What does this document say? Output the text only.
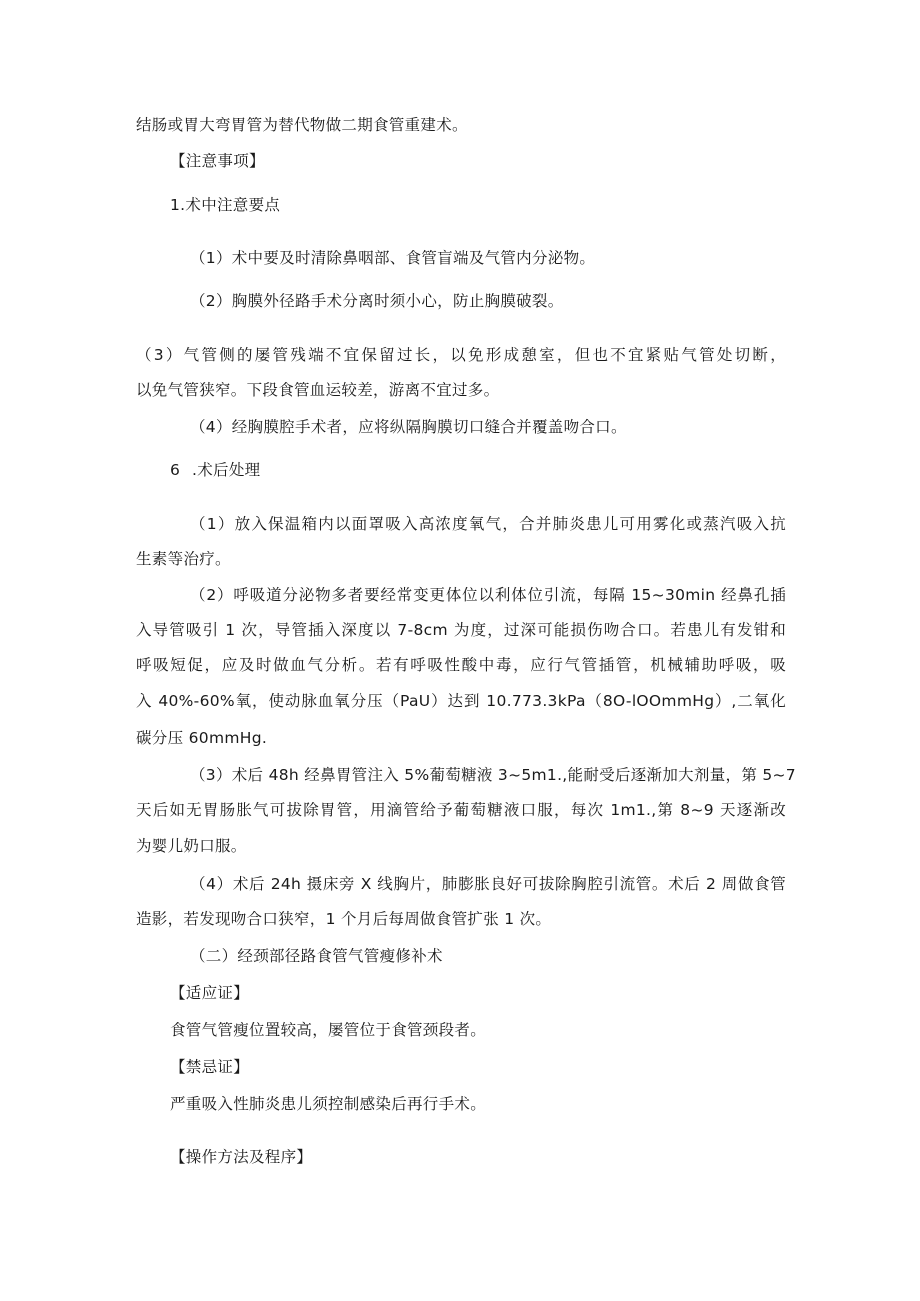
结肠或胃大弯胃管为替代物做二期食管重建术。
【注意事项】
1.术中注意要点
（1）术中要及时清除鼻咽部、食管盲端及气管内分泌物。
（2）胸膜外径路手术分离时须小心，防止胸膜破裂。
（3）气管侧的屡管残端不宜保留过长，以免形成憩室，但也不宜紧贴气管处切断，
以免气管狭窄。下段食管血运较差，游离不宜过多。
（4）经胸膜腔手术者，应将纵隔胸膜切口缝合并覆盖吻合口。
6 .术后处理
（1）放入保温箱内以面罩吸入高浓度氧气，合并肺炎患儿可用雾化或蒸汽吸入抗
生素等治疗。
（2）呼吸道分泌物多者要经常变更体位以利体位引流，每隔 15~30min 经鼻孔插
入导管吸引 1 次，导管插入深度以 7-8cm 为度，过深可能损伤吻合口。若患儿有发钳和
呼吸短促，应及时做血气分析。若有呼吸性酸中毒，应行气管插管，机械辅助呼吸，吸
入 40%-60%氧，使动脉血氧分压（PaU）达到 10.773.3kPa（8O-lOOmmHg）,二氧化
碳分压 60mmHg.
（3）术后 48h 经鼻胃管注入 5%葡萄糖液 3~5m1.,能耐受后逐渐加大剂量，第 5~7
天后如无胃肠胀气可拔除胃管，用滴管给予葡萄糖液口服，每次 1m1.,第 8~9 天逐渐改
为婴儿奶口服。
（4）术后 24h 摄床旁 X 线胸片，肺膨胀良好可拔除胸腔引流管。术后 2 周做食管
造影，若发现吻合口狭窄，1 个月后每周做食管扩张 1 次。
（二）经颈部径路食管气管瘦修补术
【适应证】
食管气管瘦位置较高，屡管位于食管颈段者。
【禁忌证】
严重吸入性肺炎患儿须控制感染后再行手术。
【操作方法及程序】
